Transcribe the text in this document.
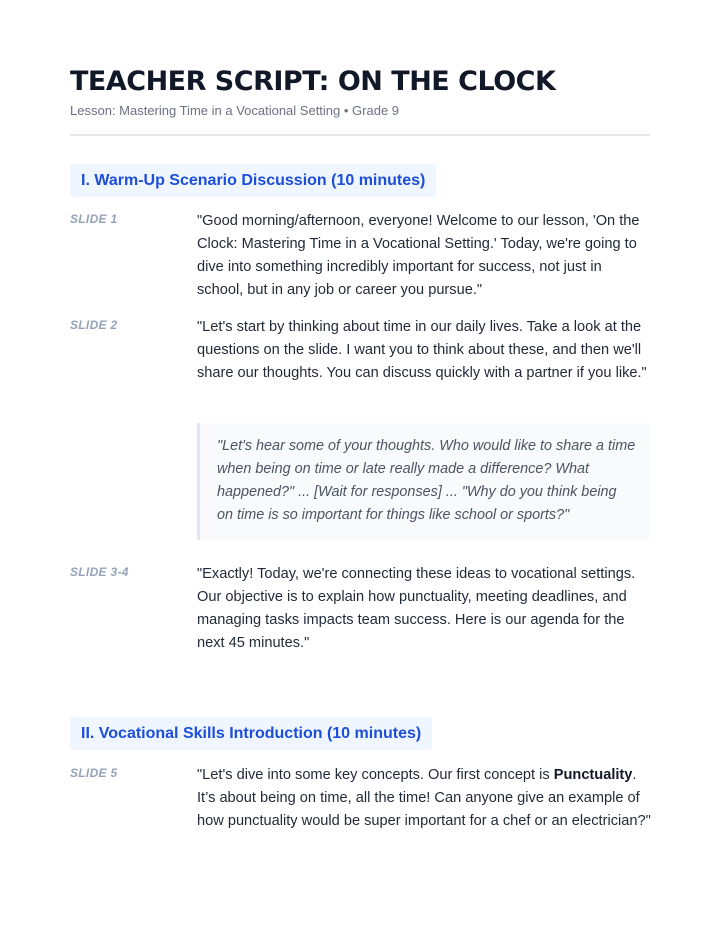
TEACHER SCRIPT: ON THE CLOCK
Lesson: Mastering Time in a Vocational Setting • Grade 9
I. Warm-Up Scenario Discussion (10 minutes)
SLIDE 1	"Good morning/afternoon, everyone! Welcome to our lesson, 'On the Clock: Mastering Time in a Vocational Setting.' Today, we're going to dive into something incredibly important for success, not just in school, but in any job or career you pursue."
SLIDE 2	"Let's start by thinking about time in our daily lives. Take a look at the questions on the slide. I want you to think about these, and then we'll share our thoughts. You can discuss quickly with a partner if you like."
"Let's hear some of your thoughts. Who would like to share a time when being on time or late really made a difference? What happened?" ... [Wait for responses] ... "Why do you think being on time is so important for things like school or sports?"
SLIDE 3-4	"Exactly! Today, we're connecting these ideas to vocational settings. Our objective is to explain how punctuality, meeting deadlines, and managing tasks impacts team success. Here is our agenda for the next 45 minutes."
II. Vocational Skills Introduction (10 minutes)
SLIDE 5	"Let's dive into some key concepts. Our first concept is Punctuality. It’s about being on time, all the time! Can anyone give an example of how punctuality would be super important for a chef or an electrician?"
